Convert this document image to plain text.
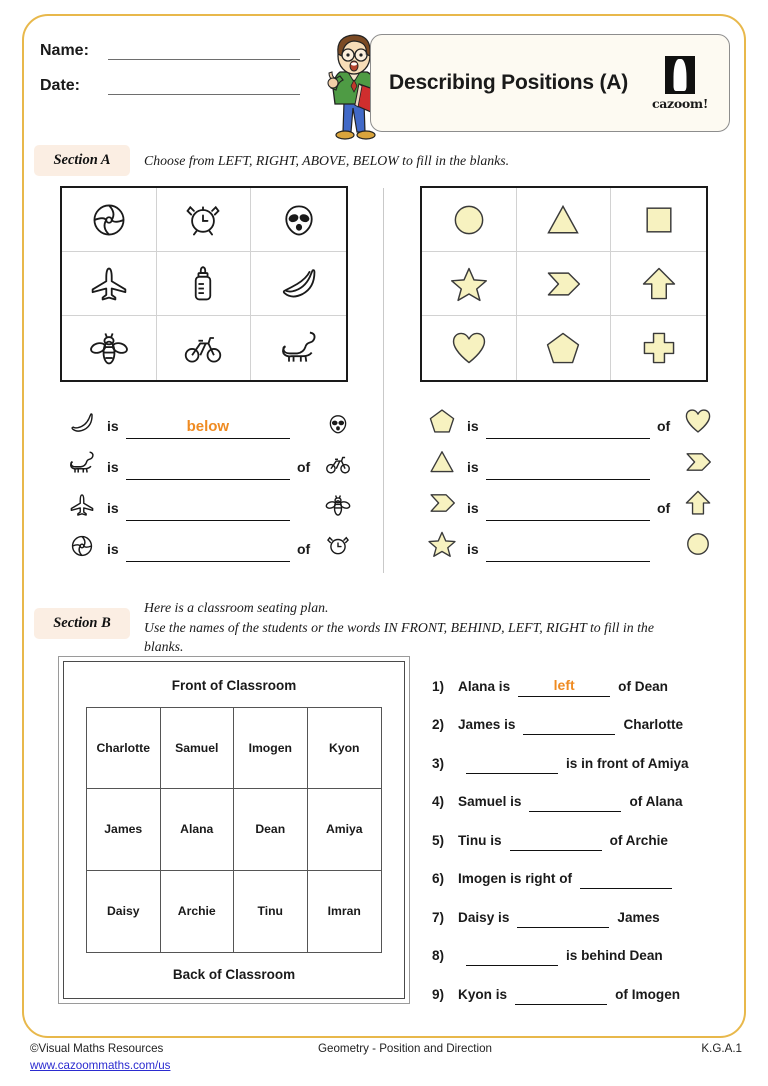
Name:
Date:	Describing Positions (A)
cazoom!
Section A	Choose from LEFT, RIGHT, ABOVE, BELOW to fill in the blanks.
is	below
is	of
is
is	of
is	of
is
is	of
is
Section B
Here is a classroom seating plan.
Use the names of the students or the words IN FRONT, BEHIND, LEFT, RIGHT to fill in the
blanks.
Front of Classroom
Charlotte	Samuel	Imogen	Kyon
James	Alana	Dean	Amiya
Daisy	Archie	Tinu	Imran
Back of Classroom
1)	Alana is	left	of Dean
2)	James is	Charlotte
3)	is in front of Amiya
4)	Samuel is	of Alana
5)	Tinu is	of Archie
6)	Imogen is right of
7)	Daisy is	James
8)	is behind Dean
9)	Kyon is	of Imogen
©Visual Maths Resources
www.cazoommaths.com/us
Geometry - Position and Direction	K.G.A.1
